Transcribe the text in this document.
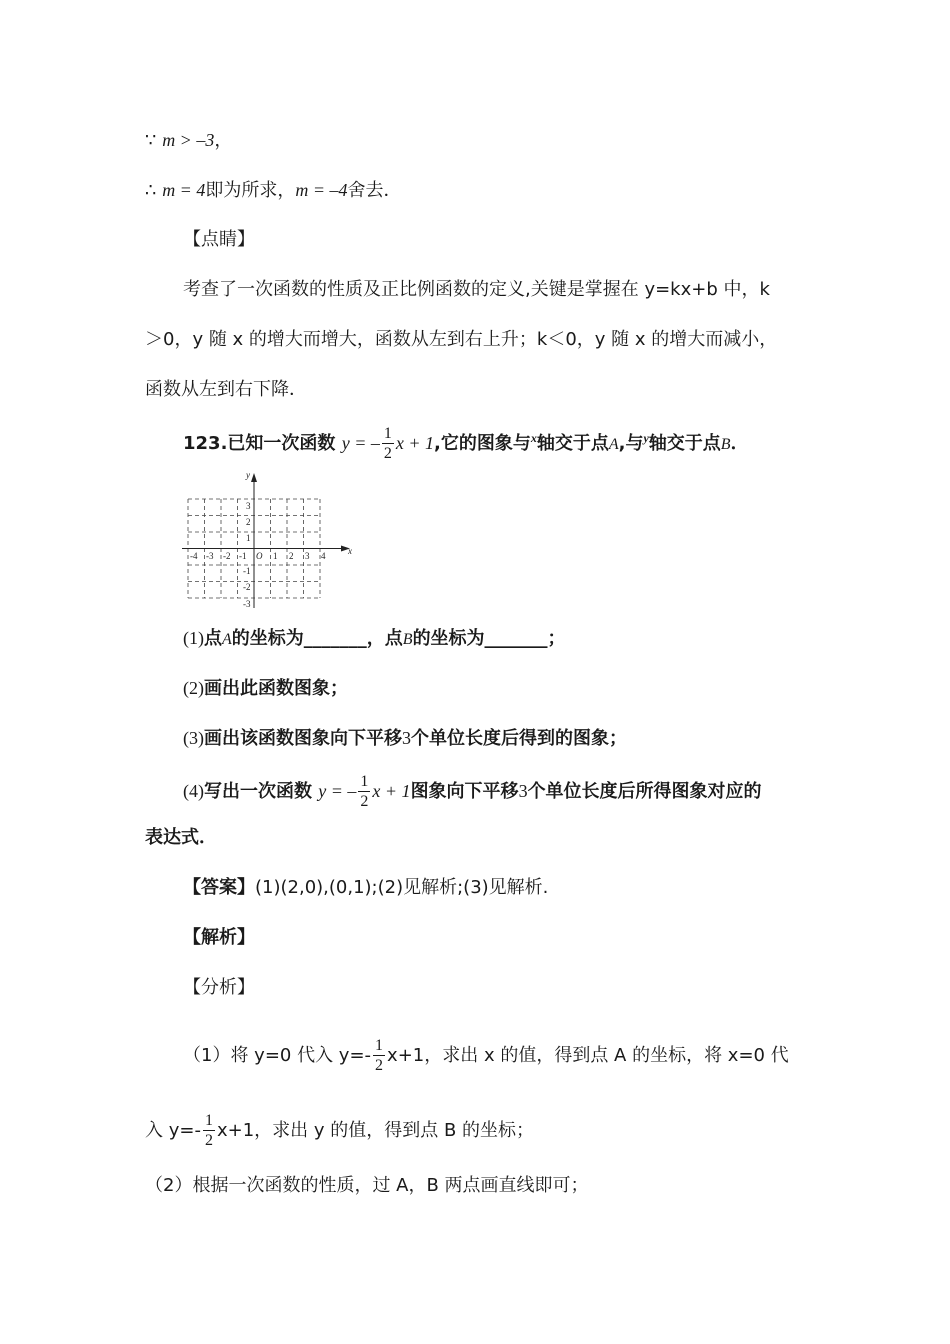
∵ m > –3，
∴ m = 4即为所求，m = –4舍去．
【点睛】
考查了一次函数的性质及正比例函数的定义,关键是掌握在 y=kx+b 中，k
＞0，y 随 x 的增大而增大，函数从左到右上升；k＜0，y 随 x 的增大而减小，
函数从左到右下降．
123.已知一次函数 y = – $\frac{1}{2}$ x + 1,它的图象与$^x$轴交于点A,与$^y$轴交于点B．
y
x
O
-4 -3 -2 -1	1 2 3 4
3
2
1
-1
-2
-3
(1)点A的坐标为_______，点B的坐标为_______；
(2)画出此函数图象；
(3)画出该函数图象向下平移3个单位长度后得到的图象；
(4)写出一次函数 y = – $\frac{1}{2}$ x + 1图象向下平移3个单位长度后所得图象对应的
表达式．
【答案】(1)(2,0),(0,1);(2)见解析;(3)见解析.
【解析】
【分析】
（1）将 y=0 代入 $y=- \frac{1}{2} x+1$，求出 x 的值，得到点 A 的坐标，将 x=0 代
入 $y=- \frac{1}{2} x+1$，求出 y 的值，得到点 B 的坐标；
（2）根据一次函数的性质，过 A，B 两点画直线即可；
